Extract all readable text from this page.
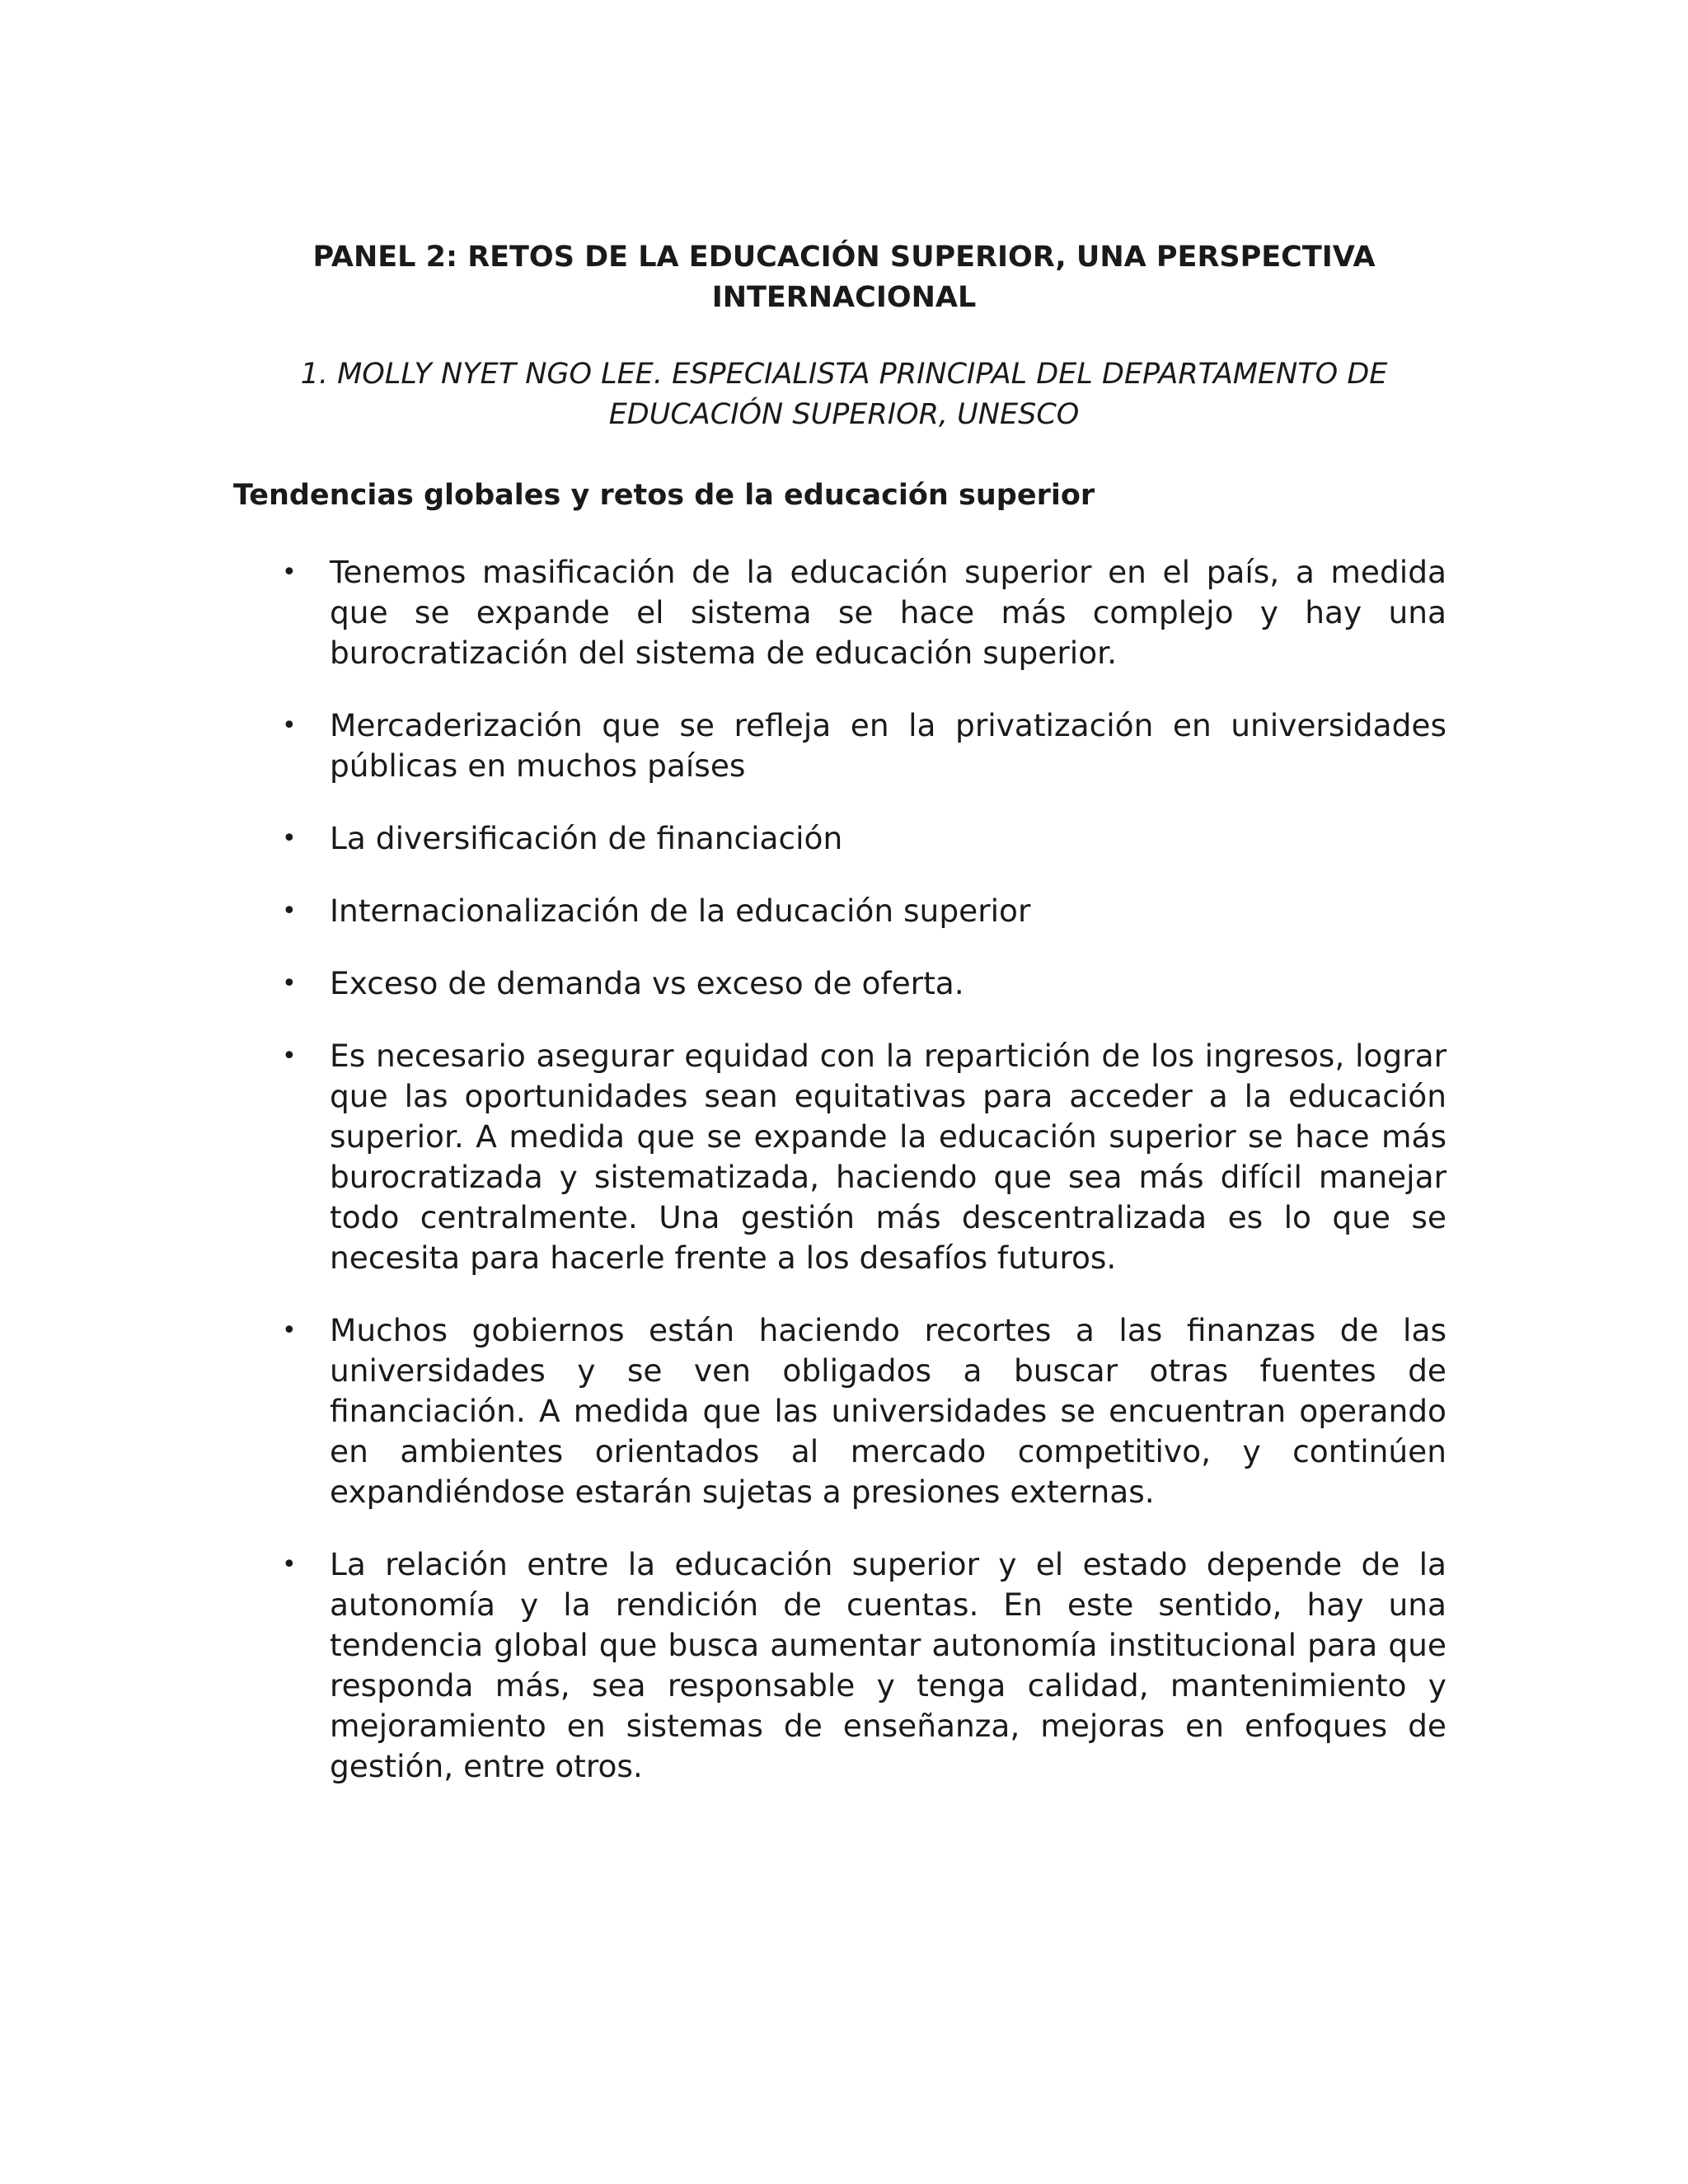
PANEL 2: RETOS DE LA EDUCACIÓN SUPERIOR, UNA PERSPECTIVA INTERNACIONAL

1. MOLLY NYET NGO LEE. ESPECIALISTA PRINCIPAL DEL DEPARTAMENTO DE EDUCACIÓN SUPERIOR, UNESCO

Tendencias globales y retos de la educación superior
•	Tenemos masificación de la educación superior en el país, a medida que se expande el sistema se hace más complejo y hay una burocratización del sistema de educación superior.
•	Mercaderización que se refleja en la privatización en universidades públicas en muchos países
•	La diversificación de financiación
•	Internacionalización de la educación superior
•	Exceso de demanda vs exceso de oferta.
•	Es necesario asegurar equidad con la repartición de los ingresos, lograr que las oportunidades sean equitativas para acceder a la educación superior. A medida que se expande la educación superior se hace más burocratizada y sistematizada, haciendo que sea más difícil manejar todo centralmente. Una gestión más descentralizada es lo que se necesita para hacerle frente a los desafíos futuros.
•	Muchos gobiernos están haciendo recortes a las finanzas de las universidades y se ven obligados a buscar otras fuentes de financiación. A medida que las universidades se encuentran operando en ambientes orientados al mercado competitivo, y continúen expandiéndose estarán sujetas a presiones externas.
•	La relación entre la educación superior y el estado depende de la autonomía y la rendición de cuentas. En este sentido, hay una tendencia global que busca aumentar autonomía institucional para que responda más, sea responsable y tenga calidad, mantenimiento y mejoramiento en sistemas de enseñanza, mejoras en enfoques de gestión, entre otros.
